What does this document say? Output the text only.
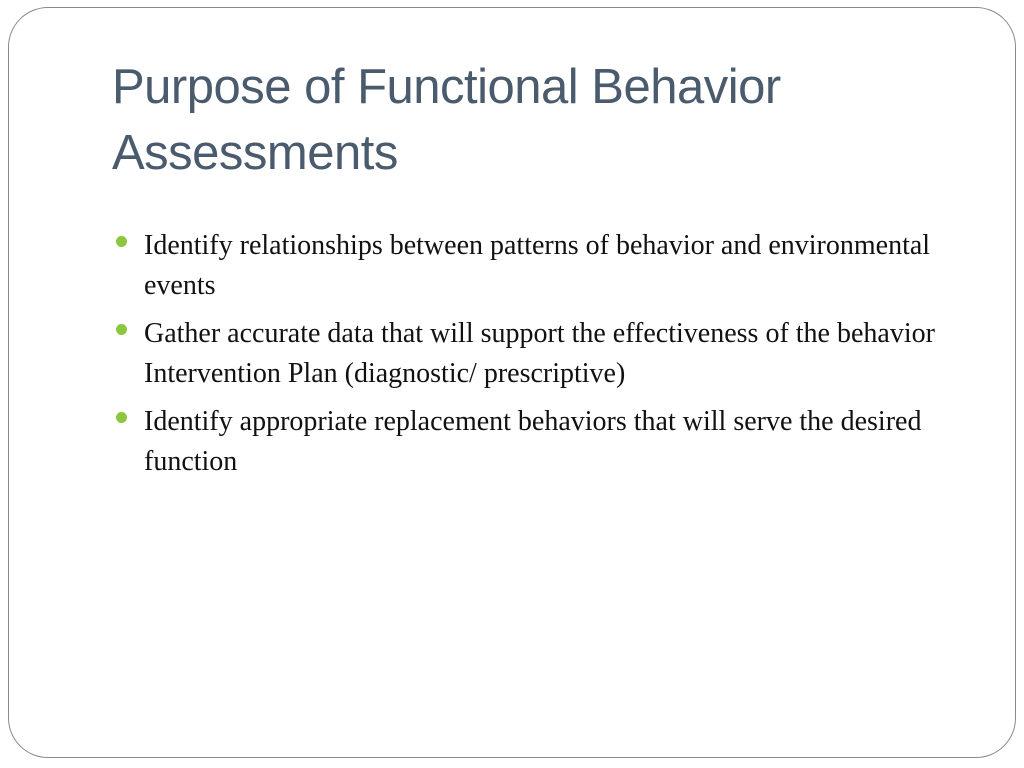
Purpose of Functional Behavior Assessments
Identify relationships between patterns of behavior and environmental events
Gather accurate data that will support the effectiveness of the behavior Intervention Plan (diagnostic/ prescriptive)
Identify appropriate replacement behaviors that will serve the desired function
